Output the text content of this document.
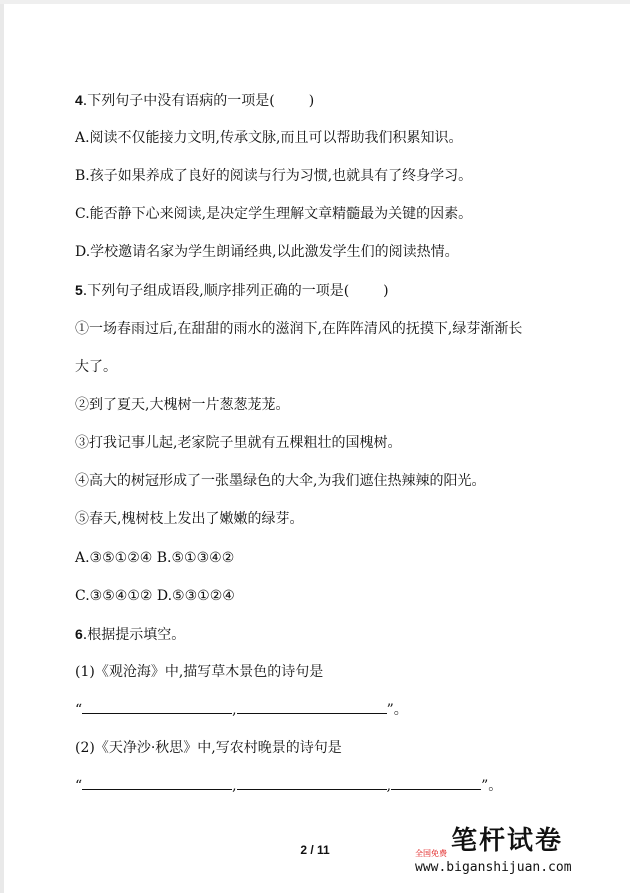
4.下列句子中没有语病的一项是( )
A.阅读不仅能接力文明,传承文脉,而且可以帮助我们积累知识。
B.孩子如果养成了良好的阅读与行为习惯,也就具有了终身学习。
C.能否静下心来阅读,是决定学生理解文章精髓最为关键的因素。
D.学校邀请名家为学生朗诵经典,以此激发学生们的阅读热情。
5.下列句子组成语段,顺序排列正确的一项是( )
①一场春雨过后,在甜甜的雨水的滋润下,在阵阵清风的抚摸下,绿芽渐渐长
大了。
②到了夏天,大槐树一片葱葱茏茏。
③打我记事儿起,老家院子里就有五棵粗壮的国槐树。
④高大的树冠形成了一张墨绿色的大伞,为我们遮住热辣辣的阳光。
⑤春天,槐树枝上发出了嫩嫩的绿芽。
A.③⑤①②④ B.⑤①③④②
C.③⑤④①② D.⑤③①②④
6.根据提示填空。
(1)《观沧海》中,描写草木景色的诗句是
“	,	”。
(2)《天净沙·秋思》中,写农村晚景的诗句是
“	,	,	”。
2 / 11	笔杆试卷
全国免费
www.biganshijuan.com
